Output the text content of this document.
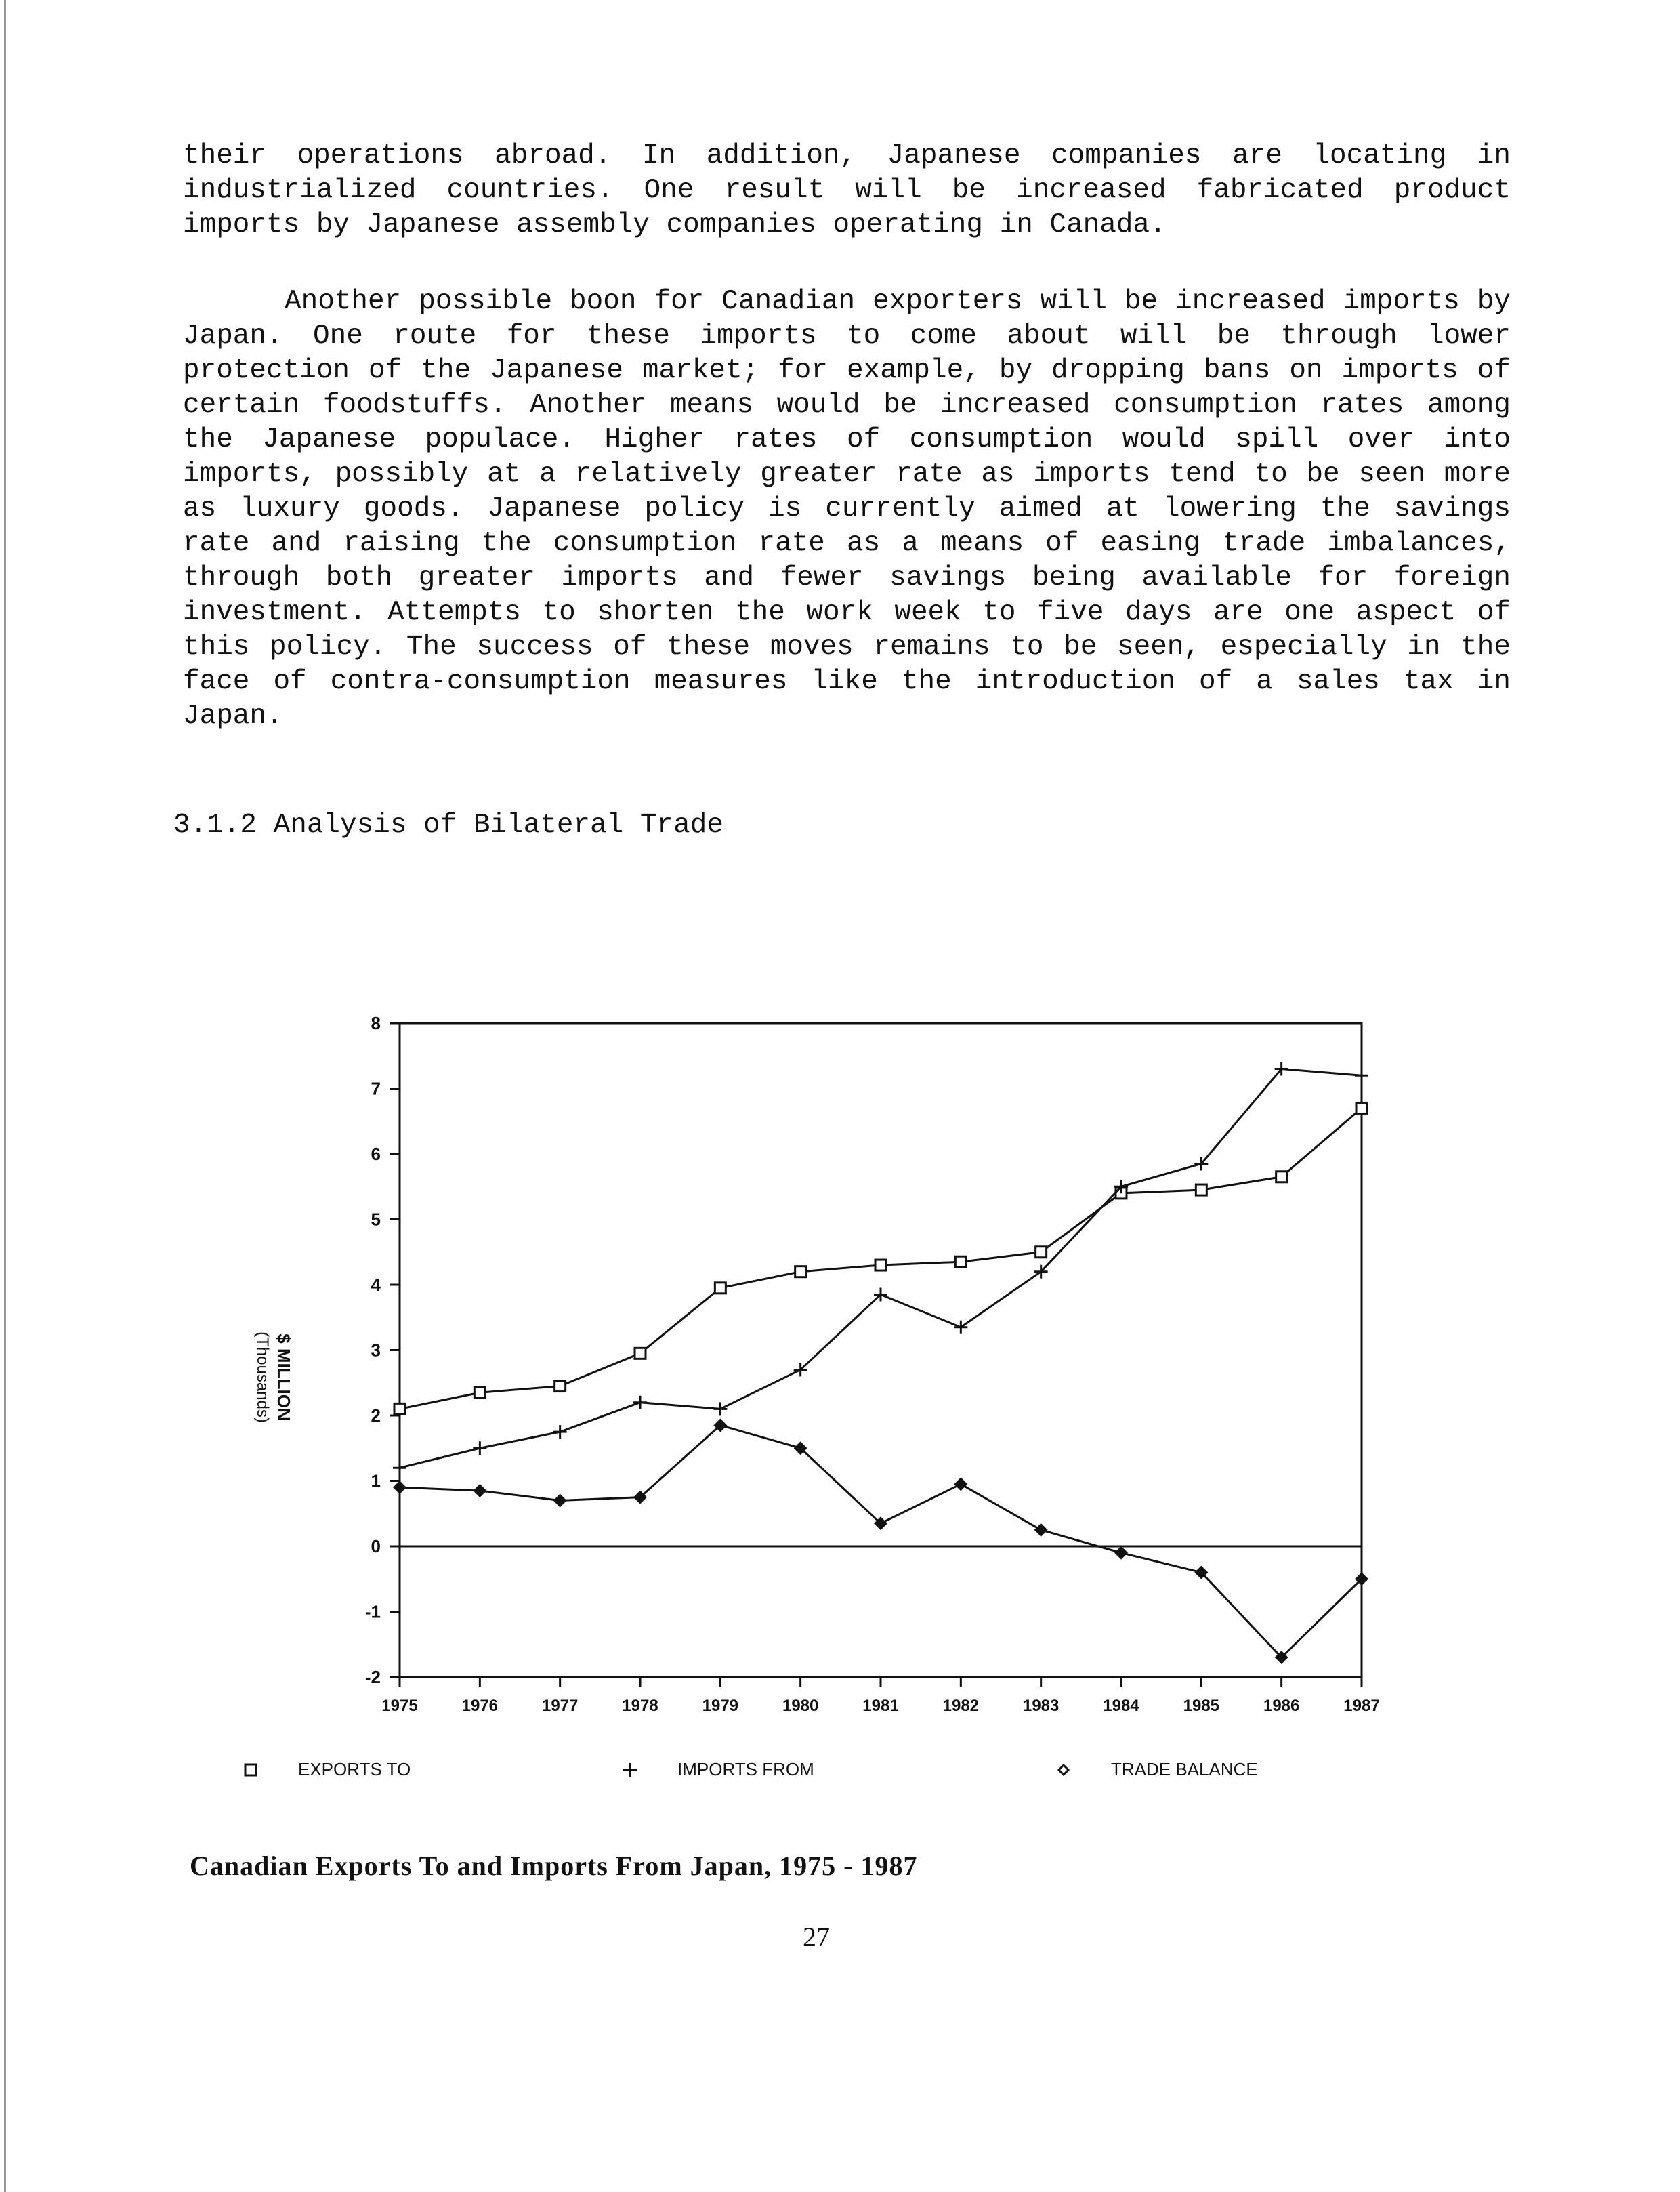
their operations abroad. In addition, Japanese companies are locating in industrialized countries. One result will be increased fabricated product imports by Japanese assembly companies operating in Canada.

Another possible boon for Canadian exporters will be increased imports by Japan. One route for these imports to come about will be through lower protection of the Japanese market; for example, by dropping bans on imports of certain foodstuffs. Another means would be increased consumption rates among the Japanese populace. Higher rates of consumption would spill over into imports, possibly at a relatively greater rate as imports tend to be seen more as luxury goods. Japanese policy is currently aimed at lowering the savings rate and raising the consumption rate as a means of easing trade imbalances, through both greater imports and fewer savings being available for foreign investment. Attempts to shorten the work week to five days are one aspect of this policy. The success of these moves remains to be seen, especially in the face of contra-consumption measures like the introduction of a sales tax in Japan.

3.1.2 Analysis of Bilateral Trade

8
7
6
5
4
3
2
1
0
-1
-2
1975	1976	1977	1978	1979	1980	1981	1982	1983	1984	1985	1986	1987
$ MILLION
(Thousands)
EXPORTS TO	IMPORTS FROM	TRADE BALANCE

Canadian Exports To and Imports From Japan, 1975 - 1987

27
